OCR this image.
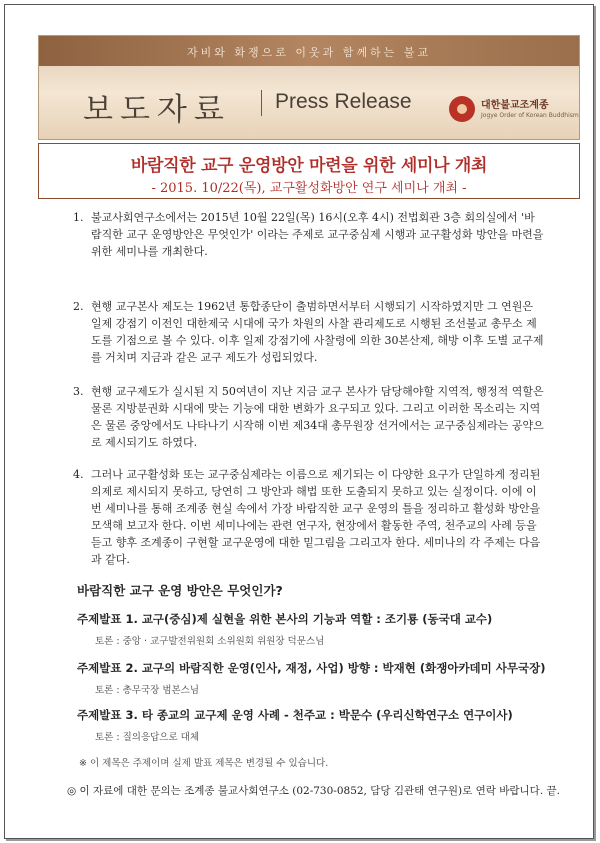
자비와 화쟁으로 이웃과 함께하는 불교
보도자료 Press Release	대한불교조계종
Jogye Order of Korean Buddhism
바람직한 교구 운영방안 마련을 위한 세미나 개최
- 2015. 10/22(목), 교구활성화방안 연구 세미나 개최 -
1. 불교사회연구소에서는 2015년 10월 22일(목) 16시(오후 4시) 전법회관 3층 회의실에서 '바람직한 교구 운영방안은 무엇인가' 이라는 주제로 교구중심제 시행과 교구활성화 방안을 마련을 위한 세미나를 개최한다.
2. 현행 교구본사 제도는 1962년 통합종단이 출범하면서부터 시행되기 시작하였지만 그 연원은 일제 강점기 이전인 대한제국 시대에 국가 차원의 사찰 관리제도로 시행된 조선불교 총무소 제도를 기점으로 볼 수 있다. 이후 일제 강점기에 사찰령에 의한 30본산제, 해방 이후 도별 교구제를 거치며 지금과 같은 교구 제도가 성립되었다.
3. 현행 교구제도가 실시된 지 50여년이 지난 지금 교구 본사가 담당해야할 지역적, 행정적 역할은 물론 지방분권화 시대에 맞는 기능에 대한 변화가 요구되고 있다. 그리고 이러한 목소리는 지역은 물론 중앙에서도 나타나기 시작해 이번 제34대 총무원장 선거에서는 교구중심제라는 공약으로 제시되기도 하였다.
4. 그러나 교구활성화 또는 교구중심제라는 이름으로 제기되는 이 다양한 요구가 단일하게 정리된 의제로 제시되지 못하고, 당연히 그 방안과 해법 또한 도출되지 못하고 있는 실정이다. 이에 이번 세미나를 통해 조계종 현실 속에서 가장 바람직한 교구 운영의 틀을 정리하고 활성화 방안을 모색해 보고자 한다. 이번 세미나에는 관련 연구자, 현장에서 활동한 주역, 천주교의 사례 등을 듣고 향후 조계종이 구현할 교구운영에 대한 밑그림을 그리고자 한다. 세미나의 각 주제는 다음과 같다.
바람직한 교구 운영 방안은 무엇인가?
주제발표 1. 교구(중심)제 실현을 위한 본사의 기능과 역할 : 조기룡 (동국대 교수)
토론 : 중앙 · 교구발전위원회 소위원회 위원장 덕문스님
주제발표 2. 교구의 바람직한 운영(인사, 재정, 사업) 방향 : 박재현 (화쟁아카데미 사무국장)
토론 : 총무국장 범본스님
주제발표 3. 타 종교의 교구제 운영 사례 - 천주교 : 박문수 (우리신학연구소 연구이사)
토론 : 질의응답으로 대체
※ 이 제목은 주제이며 실제 발표 제목은 변경될 수 있습니다.
◎ 이 자료에 대한 문의는 조계종 불교사회연구소 (02-730-0852, 담당 김관태 연구원)로 연락 바랍니다. 끝.
